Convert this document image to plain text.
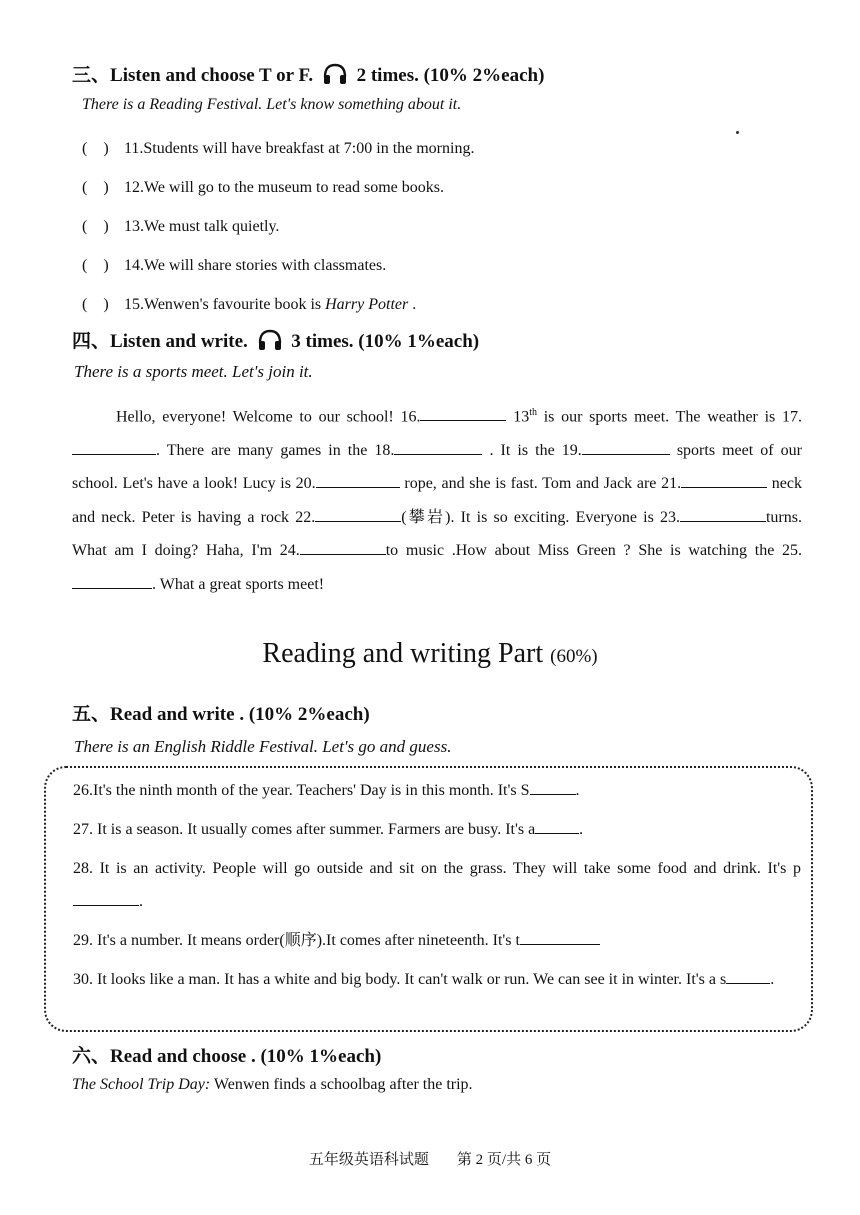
三、Listen and choose T or F. 2 times. (10% 2%each)
There is a Reading Festival. Let's know something about it.
(　) 11.Students will have breakfast at 7:00 in the morning.
(　) 12.We will go to the museum to read some books.
(　) 13.We must talk quietly.
(　) 14.We will share stories with classmates.
(　) 15.Wenwen's favourite book is Harry Potter .
四、Listen and write. 3 times. (10% 1%each)
There is a sports meet. Let's join it.
Hello, everyone! Welcome to our school! 16.	13th is our sports meet. The weather is 17.. There are many games in the 18.	. It is the 19.	sports meet of our school. Let's have a look! Lucy is 20.	rope, and she is fast. Tom and Jack are 21.	neck and neck. Peter is having a rock 22.	(攀岩). It is so exciting. Everyone is 23.	turns. What am I doing? Haha, I'm 24.	to music .How about Miss Green ? She is watching the 25. . What a great sports meet!
Reading and writing Part (60%)
五、Read and write . (10% 2%each)
There is an English Riddle Festival. Let's go and guess.
26.It's the ninth month of the year. Teachers' Day is in this month. It's S	.
27. It is a season. It usually comes after summer. Farmers are busy. It's a	.
28. It is an activity. People will go outside and sit on the grass. They will take some food and drink. It's p.
29. It's a number. It means order(顺序).It comes after nineteenth. It's t
30. It looks like a man. It has a white and big body. It can't walk or run. We can see it in winter. It's a s	.
六、Read and choose . (10% 1%each)
The School Trip Day: Wenwen finds a schoolbag after the trip.
五年级英语科试题 第 2 页/共 6 页
